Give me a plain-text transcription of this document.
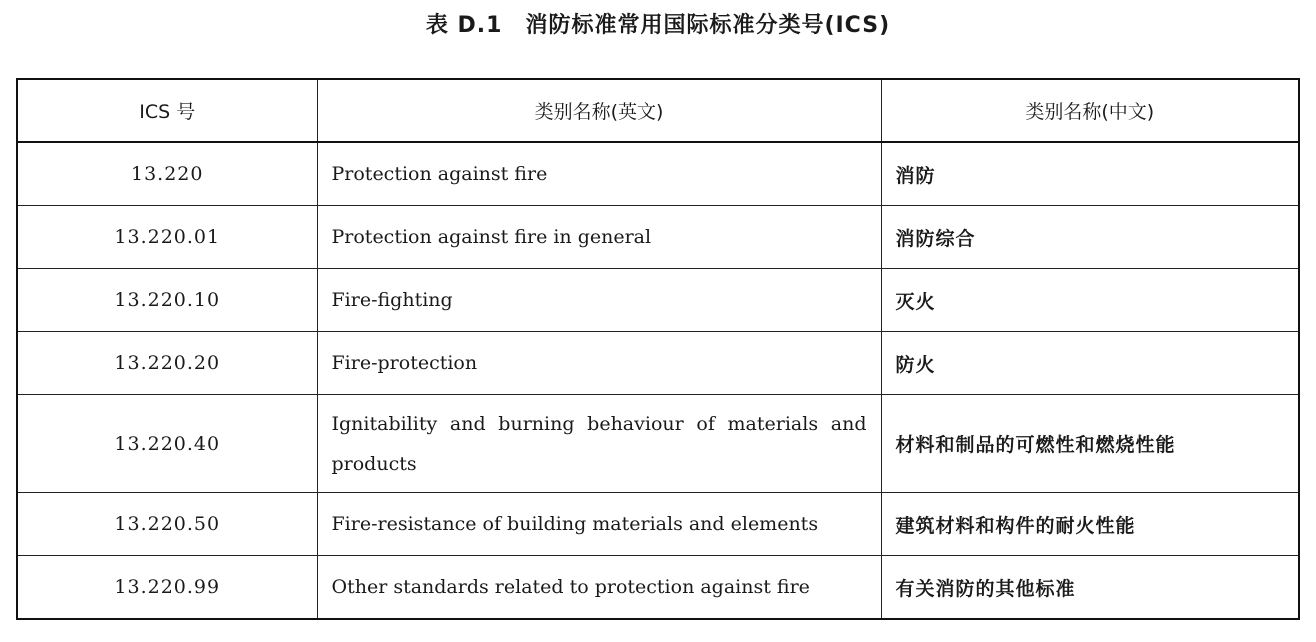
表 D.1　消防标准常用国际标准分类号(ICS)
ICS 号	类别名称(英文)	类别名称(中文)
13.220	Protection against fire	消防
13.220.01	Protection against fire in general	消防综合
13.220.10	Fire-fighting	灭火
13.220.20	Fire-protection	防火
13.220.40	Ignitability and burning behaviour of materials and products	材料和制品的可燃性和燃烧性能
13.220.50	Fire-resistance of building materials and elements	建筑材料和构件的耐火性能
13.220.99	Other standards related to protection against fire	有关消防的其他标准
